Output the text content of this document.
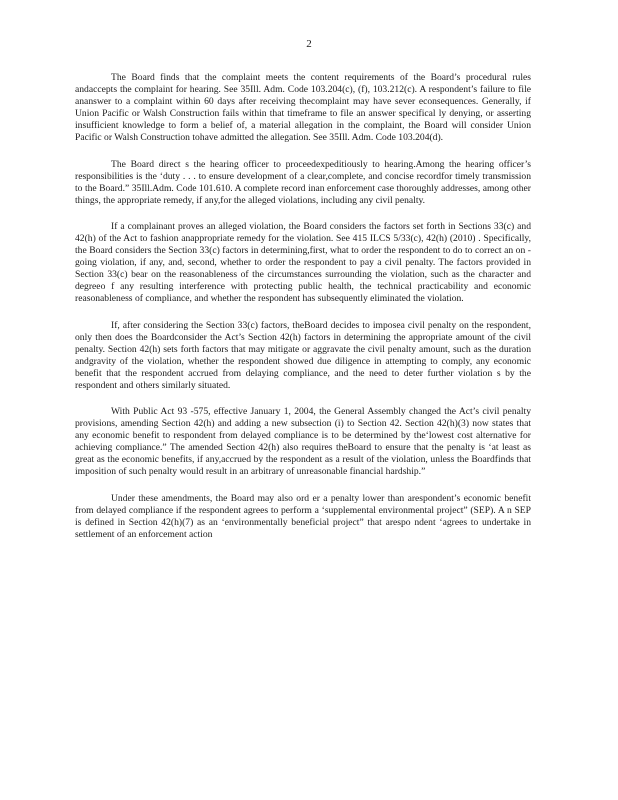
2

The Board finds that the complaint meets the content requirements of the Board’s procedural rules andaccepts the complaint for hearing. See 35Ill. Adm. Code 103.204(c), (f), 103.212(c). A respondent’s failure to file ananswer to a complaint within 60 days after receiving thecomplaint may have sever econsequences. Generally, if Union Pacific or Walsh Construction fails within that timeframe to file an answer specifical ly denying, or asserting insufficient knowledge to form a belief of, a material allegation in the complaint, the Board will consider Union Pacific or Walsh Construction tohave admitted the allegation. See 35Ill. Adm. Code 103.204(d).

The Board direct s the hearing officer to proceedexpeditiously to hearing.Among the hearing officer’s responsibilities is the ‘duty . . . to ensure development of a clear,complete, and concise recordfor timely transmission to the Board.” 35Ill.Adm. Code 101.610. A complete record inan enforcement case thoroughly addresses, among other things, the appropriate remedy, if any,for the alleged violations, including any civil penalty.

If a complainant proves an alleged violation, the Board considers the factors set forth in Sections 33(c) and 42(h) of the Act to fashion anappropriate remedy for the violation. See 415 ILCS 5/33(c), 42(h) (2010) . Specifically, the Board considers the Section 33(c) factors in determining,first, what to order the respondent to do to correct an on -going violation, if any, and, second, whether to order the respondent to pay a civil penalty. The factors provided in Section 33(c) bear on the reasonableness of the circumstances surrounding the violation, such as the character and degreeo f any resulting interference with protecting public health, the technical practicability and economic reasonableness of compliance, and whether the respondent has subsequently eliminated the violation.

If, after considering the Section 33(c) factors, theBoard decides to imposea civil penalty on the respondent, only then does the Boardconsider the Act’s Section 42(h) factors in determining the appropriate amount of the civil penalty. Section 42(h) sets forth factors that may mitigate or aggravate the civil penalty amount, such as the duration andgravity of the violation, whether the respondent showed due diligence in attempting to comply, any economic benefit that the respondent accrued from delaying compliance, and the need to deter further violation s by the respondent and others similarly situated.

With Public Act 93 -575, effective January 1, 2004, the General Assembly changed the Act’s civil penalty provisions, amending Section 42(h) and adding a new subsection (i) to Section 42. Section 42(h)(3) now states that any economic benefit to respondent from delayed compliance is to be determined by the‘lowest cost alternative for achieving compliance.” The amended Section 42(h) also requires theBoard to ensure that the penalty is ‘at least as great as the economic benefits, if any,accrued by the respondent as a result of the violation, unless the Boardfinds that imposition of such penalty would result in an arbitrary of unreasonable financial hardship.”

Under these amendments, the Board may also ord er a penalty lower than arespondent’s economic benefit from delayed compliance if the respondent agrees to perform a ‘supplemental environmental project” (SEP). A n SEP is defined in Section 42(h)(7) as an ‘environmentally beneficial project” that arespo ndent ‘agrees to undertake in settlement of an enforcement action
